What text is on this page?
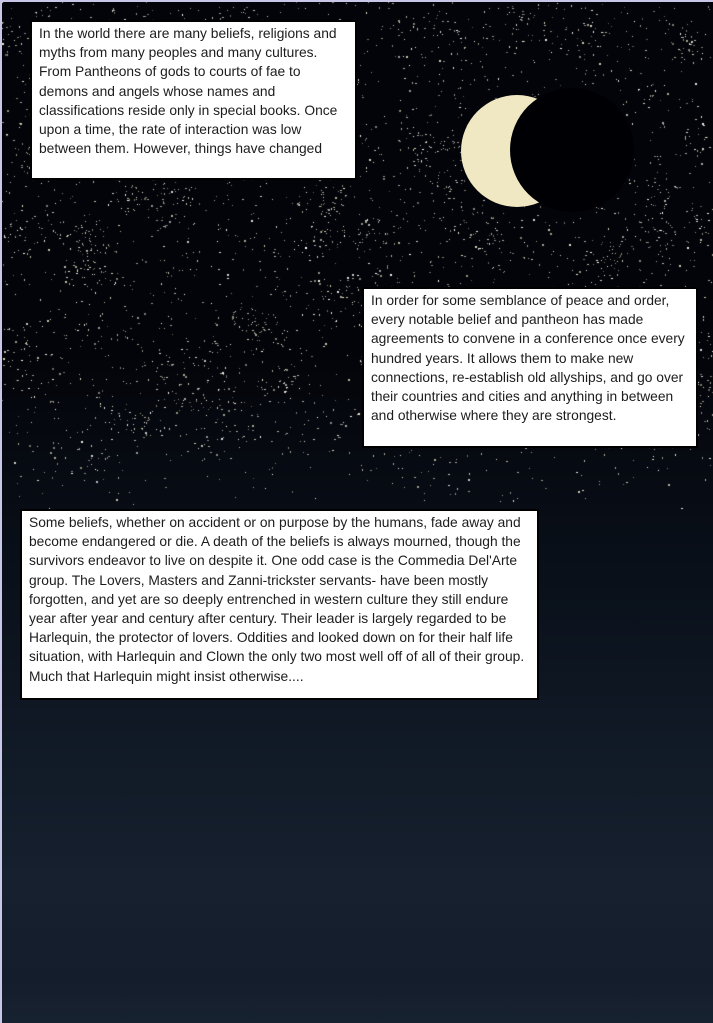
In the world there are many beliefs, religions and myths from many peoples and many cultures. From Pantheons of gods to courts of fae to demons and angels whose names and classifications reside only in special books. Once upon a time, the rate of interaction was low between them. However, things have changed

In order for some semblance of peace and order, every notable belief and pantheon has made agreements to convene in a conference once every hundred years. It allows them to make new connections, re-establish old allyships, and go over their countries and cities and anything in between and otherwise where they are strongest.

Some beliefs, whether on accident or on purpose by the humans, fade away and become endangered or die. A death of the beliefs is always mourned, though the survivors endeavor to live on despite it. One odd case is the Commedia Del'Arte group. The Lovers, Masters and Zanni-trickster servants- have been mostly forgotten, and yet are so deeply entrenched in western culture they still endure year after year and century after century. Their leader is largely regarded to be Harlequin, the protector of lovers. Oddities and looked down on for their half life situation, with Harlequin and Clown the only two most well off of all of their group. Much that Harlequin might insist otherwise....
